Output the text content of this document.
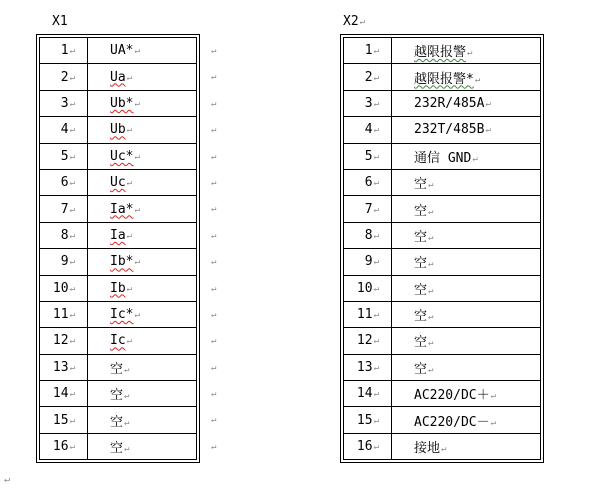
X1	X2↵
1↵	UA*↵
2↵	Ua↵
3↵	Ub*↵
4↵	Ub↵
5↵	Uc*↵
6↵	Uc↵
7↵	Ia*↵
8↵	Ia↵
9↵	Ib*↵
10↵	Ib↵
11↵	Ic*↵
12↵	Ic↵
13↵	空↵
14↵	空↵
15↵	空↵
16↵	空↵
↵
↵
↵
↵
↵
↵
↵
↵
↵
↵
↵
↵
↵
↵
↵
↵
1↵	越限报警↵
2↵	越限报警*↵
3↵	232R/485A↵
4↵	232T/485B↵
5↵	通信 GND↵
6↵	空↵
7↵	空↵
8↵	空↵
9↵	空↵
10↵	空↵
11↵	空↵
12↵	空↵
13↵	空↵
14↵	AC220/DC＋↵
15↵	AC220/DC－↵
16↵	接地↵
↵
